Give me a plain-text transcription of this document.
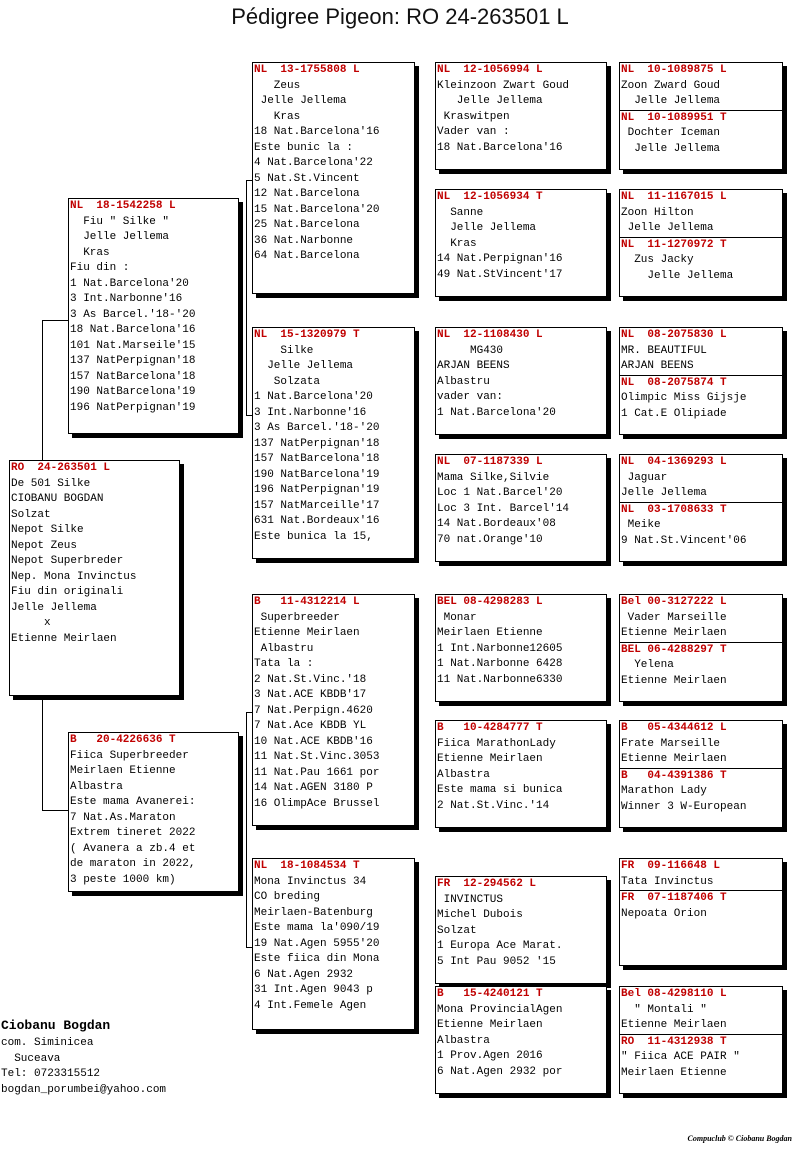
Pédigree Pigeon: RO 24-263501 L
RO  24-263501 L
De 501 Silke
CIOBANU BOGDAN
Solzat
Nepot Silke
Nepot Zeus
Nepot Superbreder
Nep. Mona Invinctus
Fiu din originali
Jelle Jellema
x
Etienne Meirlaen
NL  18-1542258 L
Fiu " Silke "
Jelle Jellema
Kras
Fiu din :
1 Nat.Barcelona'20
3 Int.Narbonne'16
3 As Barcel.'18-'20
18 Nat.Barcelona'16
101 Nat.Marseile'15
137 NatPerpignan'18
157 NatBarcelona'18
190 NatBarcelona'19
196 NatPerpignan'19
B   20-4226636 T
Fiica Superbreeder
Meirlaen Etienne
Albastra
Este mama Avanerei:
7 Nat.As.Maraton
Extrem tineret 2022
( Avanera a zb.4 et
de maraton in 2022,
3 peste 1000 km)
NL  13-1755808 L
Zeus
Jelle Jellema
Kras
18 Nat.Barcelona'16
Este bunic la :
4 Nat.Barcelona'22
5 Nat.St.Vincent
12 Nat.Barcelona
15 Nat.Barcelona'20
25 Nat.Barcelona
36 Nat.Narbonne
64 Nat.Barcelona
NL  15-1320979 T
Silke
Jelle Jellema
Solzata
1 Nat.Barcelona'20
3 Int.Narbonne'16
3 As Barcel.'18-'20
137 NatPerpignan'18
157 NatBarcelona'18
190 NatBarcelona'19
196 NatPerpignan'19
157 NatMarceille'17
631 Nat.Bordeaux'16
Este bunica la 15,
B   11-4312214 L
Superbreeder
Etienne Meirlaen
Albastru
Tata la :
2 Nat.St.Vinc.'18
3 Nat.ACE KBDB'17
7 Nat.Perpign.4620
7 Nat.Ace KBDB YL
10 Nat.ACE KBDB'16
11 Nat.St.Vinc.3053
11 Nat.Pau 1661 por
14 Nat.AGEN 3180 P
16 OlimpAce Brussel
NL  18-1084534 T
Mona Invinctus 34
CO breding
Meirlaen-Batenburg
Este mama la'090/19
19 Nat.Agen 5955'20
Este fiica din Mona
6 Nat.Agen 2932
31 Int.Agen 9043 p
4 Int.Femele Agen
NL  12-1056994 L
Kleinzoon Zwart Goud
Jelle Jellema
Kraswitpen
Vader van :
18 Nat.Barcelona'16
NL  12-1056934 T
Sanne
Jelle Jellema
Kras
14 Nat.Perpignan'16
49 Nat.StVincent'17
NL  12-1108430 L
MG430
ARJAN BEENS
Albastru
vader van:
1 Nat.Barcelona'20
NL  07-1187339 L
Mama Silke,Silvie
Loc 1 Nat.Barcel'20
Loc 3 Int. Barcel'14
14 Nat.Bordeaux'08
70 nat.Orange'10
BEL 08-4298283 L
Monar
Meirlaen Etienne
1 Int.Narbonne12605
1 Nat.Narbonne 6428
11 Nat.Narbonne6330
B   10-4284777 T
Fiica MarathonLady
Etienne Meirlaen
Albastra
Este mama si bunica
2 Nat.St.Vinc.'14
FR  12-294562 L
INVINCTUS
Michel Dubois
Solzat
1 Europa Ace Marat.
5 Int Pau 9052 '15
B   15-4240121 T
Mona ProvincialAgen
Etienne Meirlaen
Albastra
1 Prov.Agen 2016
6 Nat.Agen 2932 por
NL  10-1089875 L
Zoon Zward Goud
Jelle Jellema
NL  10-1089951 T
Dochter Iceman
Jelle Jellema
NL  11-1167015 L
Zoon Hilton
Jelle Jellema
NL  11-1270972 T
Zus Jacky
Jelle Jellema
NL  08-2075830 L
MR. BEAUTIFUL
ARJAN BEENS
NL  08-2075874 T
Olimpic Miss Gijsje
1 Cat.E Olipiade
NL  04-1369293 L
Jaguar
Jelle Jellema
NL  03-1708633 T
Meike
9 Nat.St.Vincent'06
Bel 00-3127222 L
Vader Marseille
Etienne Meirlaen
BEL 06-4288297 T
Yelena
Etienne Meirlaen
B   05-4344612 L
Frate Marseille
Etienne Meirlaen
B   04-4391386 T
Marathon Lady
Winner 3 W-European
FR  09-116648 L
Tata Invinctus
FR  07-1187406 T
Nepoata Orion
Bel 08-4298110 L
" Montali "
Etienne Meirlaen
RO  11-4312938 T
" Fiica ACE PAIR "
Meirlaen Etienne
Ciobanu Bogdan
com. Siminicea
Suceava
Tel: 0723315512
bogdan_porumbei@yahoo.com
Compuclub © Ciobanu Bogdan
